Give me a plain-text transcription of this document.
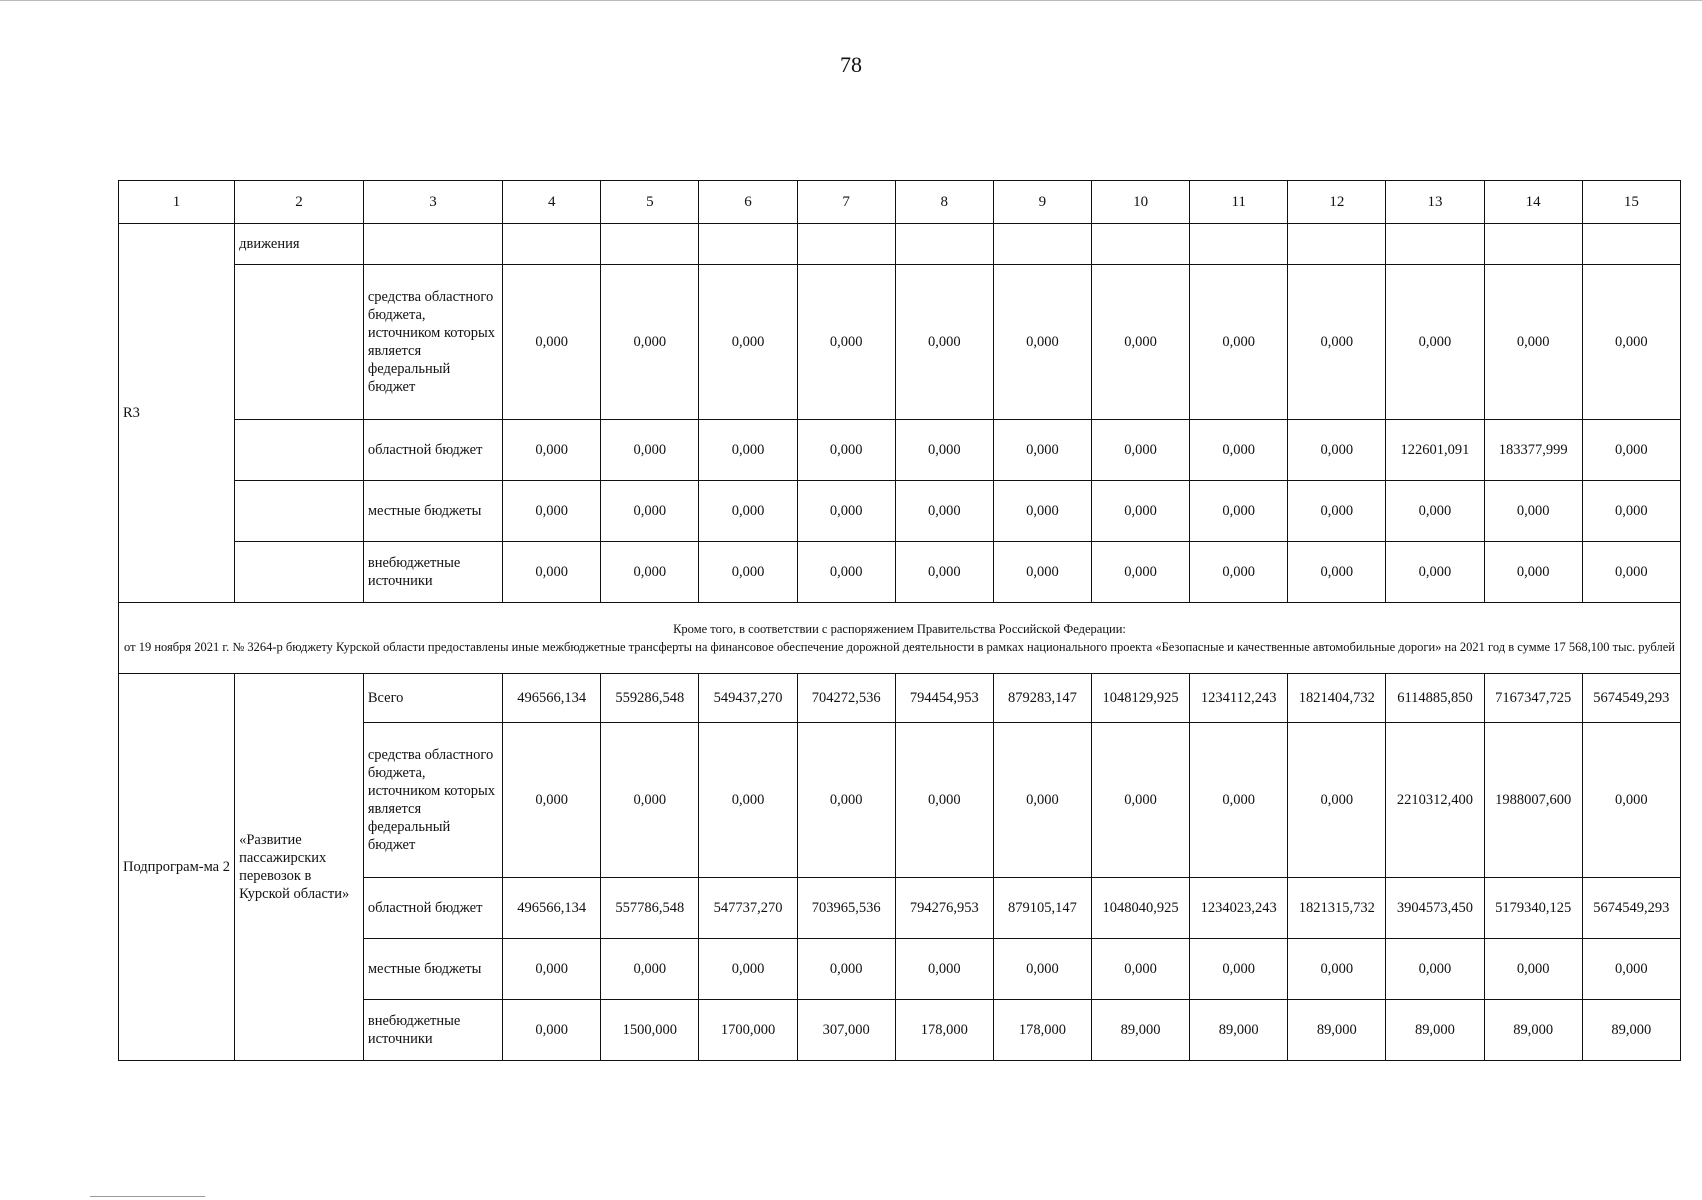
78
1	2	3	4	5	6	7	8	9	10	11	12	13	14	15
R3	движения													
		средства областного бюджета, источником которых является федеральный бюджет	0,000	0,000	0,000	0,000	0,000	0,000	0,000	0,000	0,000	0,000	0,000	0,000
		областной бюджет	0,000	0,000	0,000	0,000	0,000	0,000	0,000	0,000	0,000	122601,091	183377,999	0,000
		местные бюджеты	0,000	0,000	0,000	0,000	0,000	0,000	0,000	0,000	0,000	0,000	0,000	0,000
		внебюджетные источники	0,000	0,000	0,000	0,000	0,000	0,000	0,000	0,000	0,000	0,000	0,000	0,000

Кроме того, в соответствии с распоряжением Правительства Российской Федерации:
от 19 ноября 2021 г. № 3264-р бюджету Курской области предоставлены иные межбюджетные трансферты на финансовое обеспечение дорожной деятельности в рамках национального проекта «Безопасные и качественные автомобильные дороги» на 2021 год в сумме 17 568,100 тыс. рублей														

Подпрограм-ма 2	«Развитие пассажирских перевозок в Курской области»	Всего	496566,134	559286,548	549437,270	704272,536	794454,953	879283,147	1048129,925	1234112,243	1821404,732	6114885,850	7167347,725	5674549,293
		средства областного бюджета, источником которых является федеральный бюджет	0,000	0,000	0,000	0,000	0,000	0,000	0,000	0,000	0,000	2210312,400	1988007,600	0,000
		областной бюджет	496566,134	557786,548	547737,270	703965,536	794276,953	879105,147	1048040,925	1234023,243	1821315,732	3904573,450	5179340,125	5674549,293
		местные бюджеты	0,000	0,000	0,000	0,000	0,000	0,000	0,000	0,000	0,000	0,000	0,000	0,000
		внебюджетные источники	0,000	1500,000	1700,000	307,000	178,000	178,000	89,000	89,000	89,000	89,000	89,000	89,000
